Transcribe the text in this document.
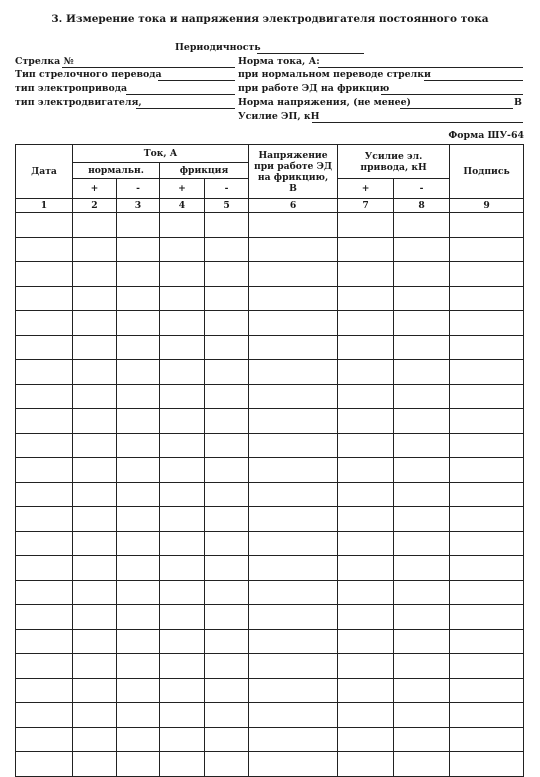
3. Измерение тока и напряжения электродвигателя постоянного тока
Периодичность
Стрелка №	Норма тока, А:
Тип стрелочного перевода	при нормальном переводе стрелки
тип электропривода	при работе ЭД на фрикцию
тип электродвигателя,	Норма напряжения, (не менее)	В
Усилие ЭП, кН
Форма ШУ-64
Дата	Ток, А				Напряжение при работе ЭД на фрикцию, В	Усилие эл. привода, кН		Подпись
	нормальн.		фрикция					
	+	-	+	-		+	-	
1	2	3	4	5	6	7	8	9
